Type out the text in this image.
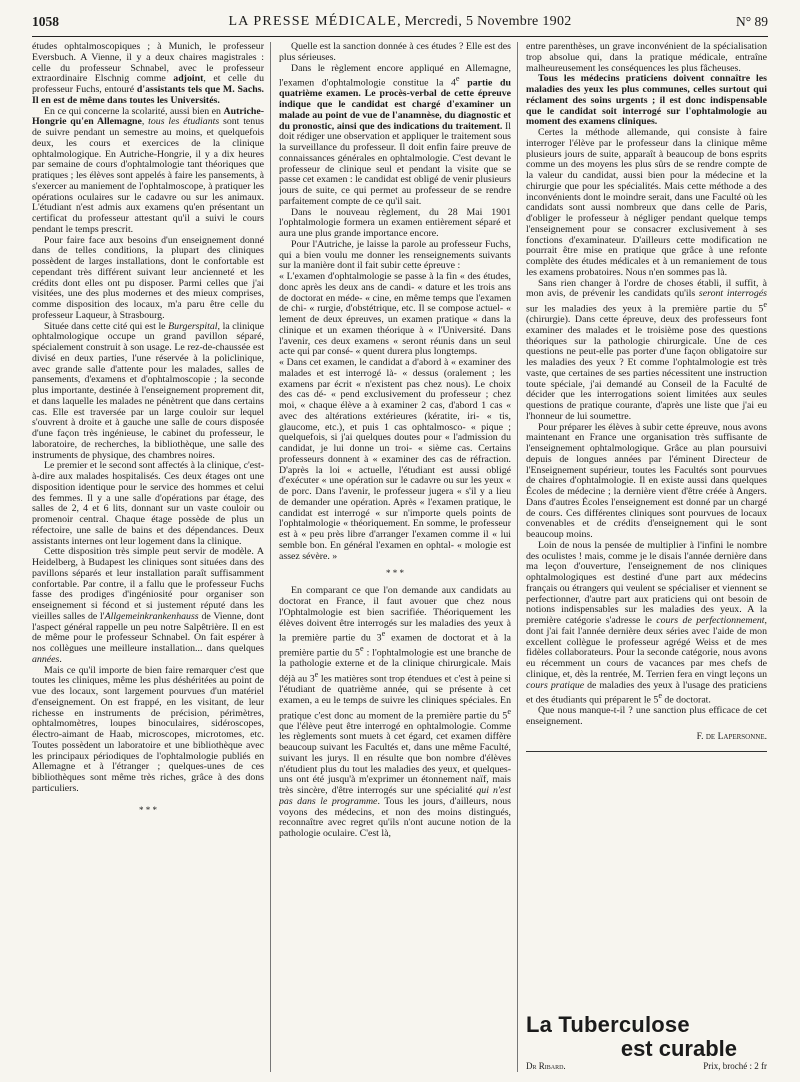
1058	LA PRESSE MÉDICALE, Mercredi, 5 Novembre 1902	N° 89

études ophtalmoscopiques ; à Munich, le professeur Eversbuch. A Vienne, il y a deux chaires magistrales : celle du professeur Schnabel, avec le professeur extraordinaire Elschnig comme adjoint, et celle du professeur Fuchs, entouré d'assistants tels que M. Sachs. Il en est de même dans toutes les Universités.

En ce qui concerne la scolarité, aussi bien en Autriche-Hongrie qu'en Allemagne, tous les étudiants sont tenus de suivre pendant un semestre au moins, et quelquefois deux, les cours et exercices de la clinique ophtalmologique. En Autriche-Hongrie, il y a dix heures par semaine de cours d'ophtalmologie tant théoriques que pratiques ; les élèves sont appelés à faire les pansements, à s'exercer au maniement de l'ophtalmoscope, à pratiquer les opérations oculaires sur le cadavre ou sur les animaux. L'étudiant n'est admis aux examens qu'en présentant un certificat du professeur attestant qu'il a suivi le cours pendant le temps prescrit.

Pour faire face aux besoins d'un enseignement donné dans de telles conditions, la plupart des cliniques possèdent de larges installations, dont le confortable est cependant très différent suivant leur ancienneté et les crédits dont elles ont pu disposer. Parmi celles que j'ai visitées, une des plus modernes et des mieux comprises, comme disposition des locaux, m'a paru être celle du professeur Laqueur, à Strasbourg.

Située dans cette cité qui est le Burgerspital, la clinique ophtalmologique occupe un grand pavillon séparé, spécialement construit à son usage. Le rez-de-chaussée est divisé en deux parties, l'une réservée à la policlinique, avec grande salle d'attente pour les malades, salles de pansements, d'examens et d'ophtalmoscopie ; la seconde plus importante, destinée à l'enseignement proprement dit, et dans laquelle les malades ne pénètrent que dans certains cas. Elle est traversée par un large couloir sur lequel s'ouvrent à droite et à gauche une salle de cours disposée d'une façon très ingénieuse, le cabinet du professeur, le laboratoire, de recherches, la bibliothèque, une salle des instruments de physique, des chambres noires.

Le premier et le second sont affectés à la clinique, c'est-à-dire aux malades hospitalisés. Ces deux étages ont une disposition identique pour le service des hommes et celui des femmes. Il y a une salle d'opérations par étage, des salles de 2, 4 et 6 lits, donnant sur un vaste couloir ou promenoir central. Chaque étage possède de plus un réfectoire, une salle de bains et des dépendances. Deux assistants internes ont leur logement dans la clinique.

Cette disposition très simple peut servir de modèle. A Heidelberg, à Budapest les cliniques sont situées dans des pavillons séparés et leur installation paraît suffisamment confortable. Par contre, il a fallu que le professeur Fuchs fasse des prodiges d'ingéniosité pour organiser son enseignement si fécond et si justement réputé dans les vieilles salles de l'Allgemeinkrankenhauss de Vienne, dont l'aspect général rappelle un peu notre Salpêtrière. Il en est de même pour le professeur Schnabel. On fait espérer à nos collègues une meilleure installation... dans quelques années.

Mais ce qu'il importe de bien faire remarquer c'est que toutes les cliniques, même les plus déshéritées au point de vue des locaux, sont largement pourvues d'un matériel d'enseignement. On est frappé, en les visitant, de leur richesse en instruments de précision, périmètres, ophtalmomètres, loupes binoculaires, sidéroscopes, électro-aimant de Haab, microscopes, microtomes, etc. Toutes possèdent un laboratoire et une bibliothèque avec les principaux périodiques de l'ophtalmologie publiés en Allemagne et à l'étranger ; quelques-unes de ces bibliothèques sont même très riches, grâce à des dons particuliers.

* * *

Quelle est la sanction donnée à ces études ? Elle est des plus sérieuses.

Dans le règlement encore appliqué en Allemagne, l'examen d'ophtalmologie constitue la 4e partie du quatrième examen. Le procès-verbal de cette épreuve indique que le candidat est chargé d'examiner un malade au point de vue de l'anamnèse, du diagnostic et du pronostic, ainsi que des indications du traitement. Il doit rédiger une observation et appliquer le traitement sous la surveillance du professeur. Il doit enfin faire preuve de connaissances générales en ophtalmologie. C'est devant le professeur de clinique seul et pendant la visite que se passe cet examen : le candidat est obligé de venir plusieurs jours de suite, ce qui permet au professeur de se rendre parfaitement compte de ce qu'il sait.

Dans le nouveau règlement, du 28 Mai 1901 l'ophtalmologie formera un examen entièrement séparé et aura une plus grande importance encore.

Pour l'Autriche, je laisse la parole au professeur Fuchs, qui a bien voulu me donner les renseignements suivants sur la manière dont il fait subir cette épreuve :

« L'examen d'ophtalmologie se passe à la fin « des études, donc après les deux ans de candi- « dature et les trois ans de doctorat en méde- « cine, en même temps que l'examen de chi- « rurgie, d'obstétrique, etc. Il se compose actuel- « lement de deux épreuves, un examen pratique « dans la clinique et un examen théorique à « l'Université. Dans l'avenir, ces deux examens « seront réunis dans un seul acte qui par consé- « quent durera plus longtemps.

« Dans cet examen, le candidat a d'abord à « examiner des malades et est interrogé là- « dessus (oralement ; les examens par écrit « n'existent pas chez nous). Le choix des cas dé- « pend exclusivement du professeur ; chez moi, « chaque élève a à examiner 2 cas, d'abord 1 cas « avec des altérations extérieures (kératite, iri- « tis, glaucome, etc.), et puis 1 cas ophtalmosco- « pique ; quelquefois, si j'ai quelques doutes pour « l'admission du candidat, je lui donne un troi- « sième cas. Certains professeurs donnent à « examiner des cas de réfraction. D'après la loi « actuelle, l'étudiant est aussi obligé d'exécuter « une opération sur le cadavre ou sur les yeux « de porc. Dans l'avenir, le professeur jugera « s'il y a lieu de demander une opération. Après « l'examen pratique, le candidat est interrogé « sur n'importe quels points de l'ophtalmologie « théoriquement. En somme, le professeur est à « peu près libre d'arranger l'examen comme il « lui semble bon. En général l'examen en ophtal- « mologie est assez sévère. »

* * *

En comparant ce que l'on demande aux candidats au doctorat en France, il faut avouer que chez nous l'Ophtalmologie est bien sacrifiée. Théoriquement les élèves doivent être interrogés sur les maladies des yeux à la première partie du 3e examen de doctorat et à la première partie du 5e : l'ophtalmologie est une branche de la pathologie externe et de la clinique chirurgicale. Mais déjà au 3e les matières sont trop étendues et c'est à peine si l'étudiant de quatrième année, qui se présente à cet examen, a eu le temps de suivre les cliniques spéciales. En pratique c'est donc au moment de la première partie du 5e que l'élève peut être interrogé en ophtalmologie. Comme les règlements sont muets à cet égard, cet examen diffère beaucoup suivant les Facultés et, dans une même Faculté, suivant les jurys. Il en résulte que bon nombre d'élèves n'étudient plus du tout les maladies des yeux, et quelques-uns ont été jusqu'à m'exprimer un étonnement naïf, mais très sincère, d'être interrogés sur une spécialité qui n'est pas dans le programme. Tous les jours, d'ailleurs, nous voyons des médecins, et non des moins distingués, reconnaître avec regret qu'ils n'ont aucune notion de la pathologie oculaire. C'est là,

entre parenthèses, un grave inconvénient de la spécialisation trop absolue qui, dans la pratique médicale, entraîne malheureusement les conséquences les plus fâcheuses.

Tous les médecins praticiens doivent connaître les maladies des yeux les plus communes, celles surtout qui réclament des soins urgents ; il est donc indispensable que le candidat soit interrogé sur l'ophtalmologie au moment des examens cliniques.

Certes la méthode allemande, qui consiste à faire interroger l'élève par le professeur dans la clinique même plusieurs jours de suite, apparaît à beaucoup de bons esprits comme un des moyens les plus sûrs de se rendre compte de la valeur du candidat, aussi bien pour la médecine et la chirurgie que pour les spécialités. Mais cette méthode a des inconvénients dont le moindre serait, dans une Faculté où les candidats sont aussi nombreux que dans celle de Paris, d'obliger le professeur à négliger pendant quelque temps l'enseignement pour se consacrer exclusivement à ses fonctions d'examinateur. D'ailleurs cette modification ne pourrait être mise en pratique que grâce à une refonte complète des études médicales et à un remaniement de tous les examens probatoires. Nous n'en sommes pas là.

Sans rien changer à l'ordre de choses établi, il suffit, à mon avis, de prévenir les candidats qu'ils seront interrogés sur les maladies des yeux à la première partie du 5e (chirurgie). Dans cette épreuve, deux des professeurs font examiner des malades et le troisième pose des questions théoriques sur la pathologie chirurgicale. Une de ces questions ne peut-elle pas porter d'une façon obligatoire sur les maladies des yeux ? Et comme l'ophtalmologie est très vaste, que certaines de ses parties nécessitent une instruction toute spéciale, j'ai demandé au Conseil de la Faculté de décider que les interrogations soient limitées aux seules questions de pratique courante, d'après une liste que j'ai eu l'honneur de lui soumettre.

Pour préparer les élèves à subir cette épreuve, nous avons maintenant en France une organisation très suffisante de l'enseignement ophtalmologique. Grâce au plan poursuivi depuis de longues années par l'éminent Directeur de l'Enseignement supérieur, toutes les Facultés sont pourvues de chaires d'ophtalmologie. Il en existe aussi dans quelques Écoles de médecine ; la dernière vient d'être créée à Angers. Dans d'autres Écoles l'enseignement est donné par un chargé de cours. Ces différentes cliniques sont pourvues de locaux convenables et de crédits d'enseignement qui le sont beaucoup moins.

Loin de nous la pensée de multiplier à l'infini le nombre des oculistes ! mais, comme je le disais l'année dernière dans ma leçon d'ouverture, l'enseignement de nos cliniques ophtalmologiques est destiné d'une part aux médecins français ou étrangers qui veulent se spécialiser et viennent se perfectionner, d'autre part aux praticiens qui ont besoin de notions indispensables sur les maladies des yeux. A la première catégorie s'adresse le cours de perfectionnement, dont j'ai fait l'année dernière deux séries avec l'aide de mon excellent collègue le professeur agrégé Weiss et de mes fidèles collaborateurs. Pour la seconde catégorie, nous avons eu récemment un cours de vacances par mes chefs de clinique, et, dès la rentrée, M. Terrien fera en vingt leçons un cours pratique de maladies des yeux à l'usage des praticiens et des étudiants qui préparent le 5e de doctorat.

Que nous manque-t-il ? une sanction plus efficace de cet enseignement.

F. de Lapersonne.
La Tuberculose
est curable
Dr Ribard.	Prix, broché : 2 fr
